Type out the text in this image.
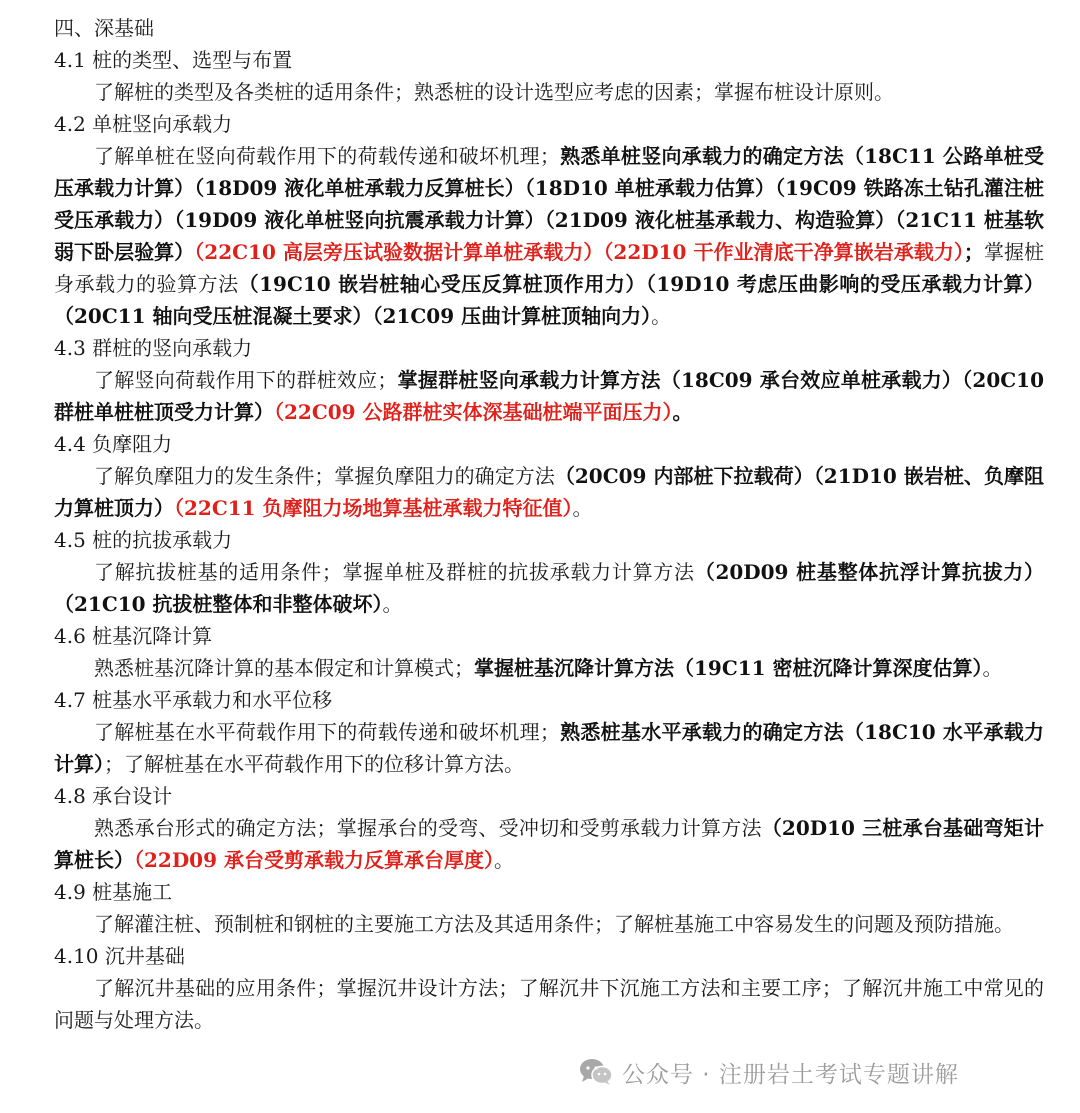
四、深基础
4.1 桩的类型、选型与布置
了解桩的类型及各类桩的适用条件；熟悉桩的设计选型应考虑的因素；掌握布桩设计原则。
4.2 单桩竖向承载力
了解单桩在竖向荷载作用下的荷载传递和破坏机理；熟悉单桩竖向承载力的确定方法（18C11 公路单桩受压承载力计算）（18D09 液化单桩承载力反算桩长）（18D10 单桩承载力估算）（19C09 铁路冻土钻孔灌注桩受压承载力）（19D09 液化单桩竖向抗震承载力计算）（21D09 液化桩基承载力、构造验算）（21C11 桩基软弱下卧层验算）（22C10 高层旁压试验数据计算单桩承载力）（22D10 干作业清底干净算嵌岩承载力）；掌握桩身承载力的验算方法（19C10 嵌岩桩轴心受压反算桩顶作用力）（19D10 考虑压曲影响的受压承载力计算）（20C11 轴向受压桩混凝土要求）（21C09 压曲计算桩顶轴向力）。
4.3 群桩的竖向承载力
了解竖向荷载作用下的群桩效应；掌握群桩竖向承载力计算方法（18C09 承台效应单桩承载力）（20C10 群桩单桩桩顶受力计算）（22C09 公路群桩实体深基础桩端平面压力）。
4.4 负摩阻力
了解负摩阻力的发生条件；掌握负摩阻力的确定方法（20C09 内部桩下拉载荷）（21D10 嵌岩桩、负摩阻力算桩顶力）（22C11 负摩阻力场地算基桩承载力特征值）。
4.5 桩的抗拔承载力
了解抗拔桩基的适用条件；掌握单桩及群桩的抗拔承载力计算方法（20D09 桩基整体抗浮计算抗拔力）（21C10 抗拔桩整体和非整体破坏）。
4.6 桩基沉降计算
熟悉桩基沉降计算的基本假定和计算模式；掌握桩基沉降计算方法（19C11 密桩沉降计算深度估算）。
4.7 桩基水平承载力和水平位移
了解桩基在水平荷载作用下的荷载传递和破坏机理；熟悉桩基水平承载力的确定方法（18C10 水平承载力计算）；了解桩基在水平荷载作用下的位移计算方法。
4.8 承台设计
熟悉承台形式的确定方法；掌握承台的受弯、受冲切和受剪承载力计算方法（20D10 三桩承台基础弯矩计算桩长）（22D09 承台受剪承载力反算承台厚度）。
4.9 桩基施工
了解灌注桩、预制桩和钢桩的主要施工方法及其适用条件；了解桩基施工中容易发生的问题及预防措施。
4.10 沉井基础
了解沉井基础的应用条件；掌握沉井设计方法；了解沉井下沉施工方法和主要工序；了解沉井施工中常见的问题与处理方法。
公众号 · 注册岩土考试专题讲解
